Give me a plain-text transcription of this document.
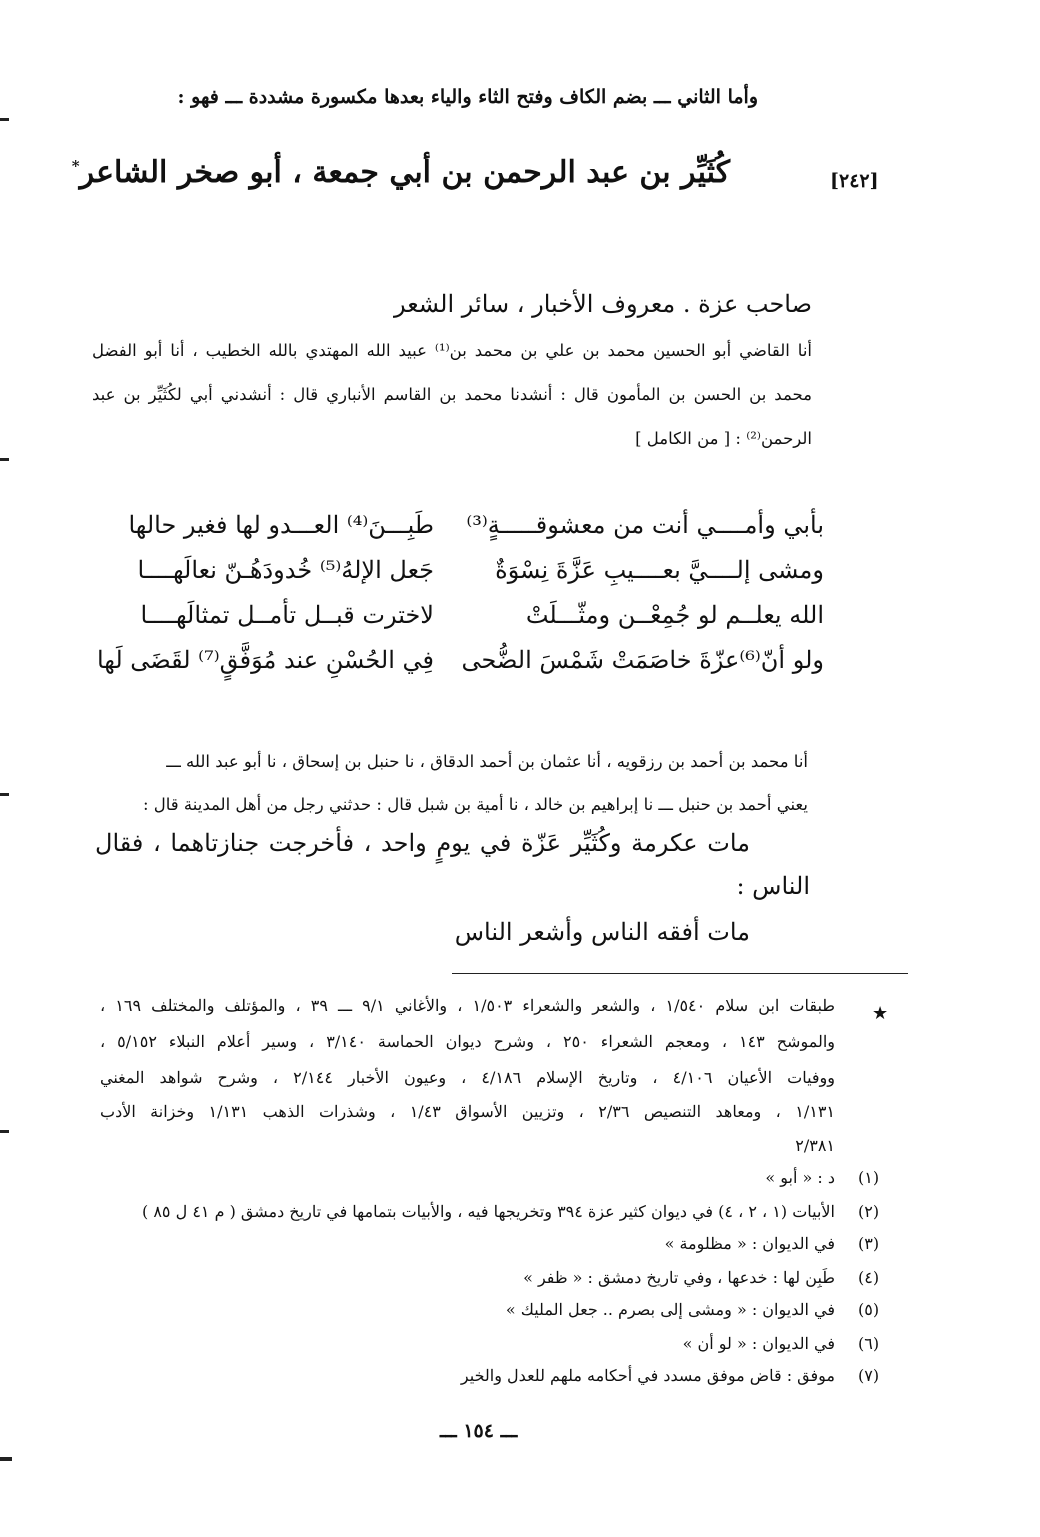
وأما الثاني ـــ بضم الكاف وفتح الثاء والياء بعدها مكسورة مشددة ـــ فهو :
[٢٤٢]
كُثَيِّر بن عبد الرحمن بن أبي جمعة ، أبو صخر الشاعر*
صاحب عزة . معروف الأخبار ، سائر الشعر
أنا القاضي أبو الحسين محمد بن علي بن محمد بن⁽¹⁾ عبيد الله المهتدي بالله الخطيب ، أنا أبو الفضل
محمد بن الحسن بن المأمون قال : أنشدنا محمد بن القاسم الأنباري قال : أنشدني أبي لكُثَيِّر بن عبد
الرحمن⁽²⁾ : [ من الكامل ]
بأبي وأمــــي أنت من معشوقـــــةٍ⁽³⁾
طَبِـــنَ⁽⁴⁾ العـــدو لها فغير حالها
ومشى إلــــيَّ بعــــيبِ عَزَّةَ نِسْوَةٌ
جَعل الإلهُ⁽⁵⁾ خُدودَهُـنّ نعالَهــــا
الله يعلــم لو جُمِعْــن ومثّـــلَتْ
لاخترت قبــل تأمــل تمثالَهــــا
ولو أنّ⁽⁶⁾عزّةَ خاصَمَتْ شَمْسَ الضُّحى
فِي الحُسْنِ عند مُوَفَّقٍ⁽⁷⁾ لقَضَى لَها
أنا محمد بن أحمد بن رزقويه ، أنا عثمان بن أحمد الدقاق ، نا حنبل بن إسحاق ، نا أبو عبد الله ـــ
يعني أحمد بن حنبل ـــ نا إبراهيم بن خالد ، نا أمية بن شبل قال : حدثني رجل من أهل المدينة قال :
مات عكرمة وكُثَيِّر عَزّة في يومٍ واحد ، فأخرجت جنازتاهما ، فقال
الناس :
مات أفقه الناس وأشعر الناس
★
طبقات ابن سلام ١/٥٤٠ ، والشعر والشعراء ١/٥٠٣ ، والأغاني ٩/١ ـــ ٣٩ ، والمؤتلف والمختلف ١٦٩ ،
والموشح ١٤٣ ، ومعجم الشعراء ٢٥٠ ، وشرح ديوان الحماسة ٣/١٤٠ ، وسير أعلام النبلاء ٥/١٥٢ ،
ووفيات الأعيان ٤/١٠٦ ، وتاريخ الإسلام ٤/١٨٦ ، وعيون الأخبار ٢/١٤٤ ، وشرح شواهد المغني
١/١٣١ ، ومعاهد التنصيص ٢/٣٦ ، وتزيين الأسواق ١/٤٣ ، وشذرات الذهب ١/١٣١ وخزانة الأدب
٢/٣٨١
(١)
د : « أبو »
(٢)
الأبيات (١ ، ٢ ، ٤) في ديوان كثير عزة ٣٩٤ وتخريجها فيه ، والأبيات بتمامها في تاريخ دمشق ( م ٤١ ل ٨٥ )
(٣)
في الديوان : « مظلومة »
(٤)
طَبِن لها : خدعها ، وفي تاريخ دمشق : « ظفر »
(٥)
في الديوان : « ومشى إلى بصرم .. جعل المليك »
(٦)
في الديوان : « لو أن »
(٧)
موفق : قاض موفق مسدد في أحكامه ملهم للعدل والخير
ـــ ١٥٤ ـــ
